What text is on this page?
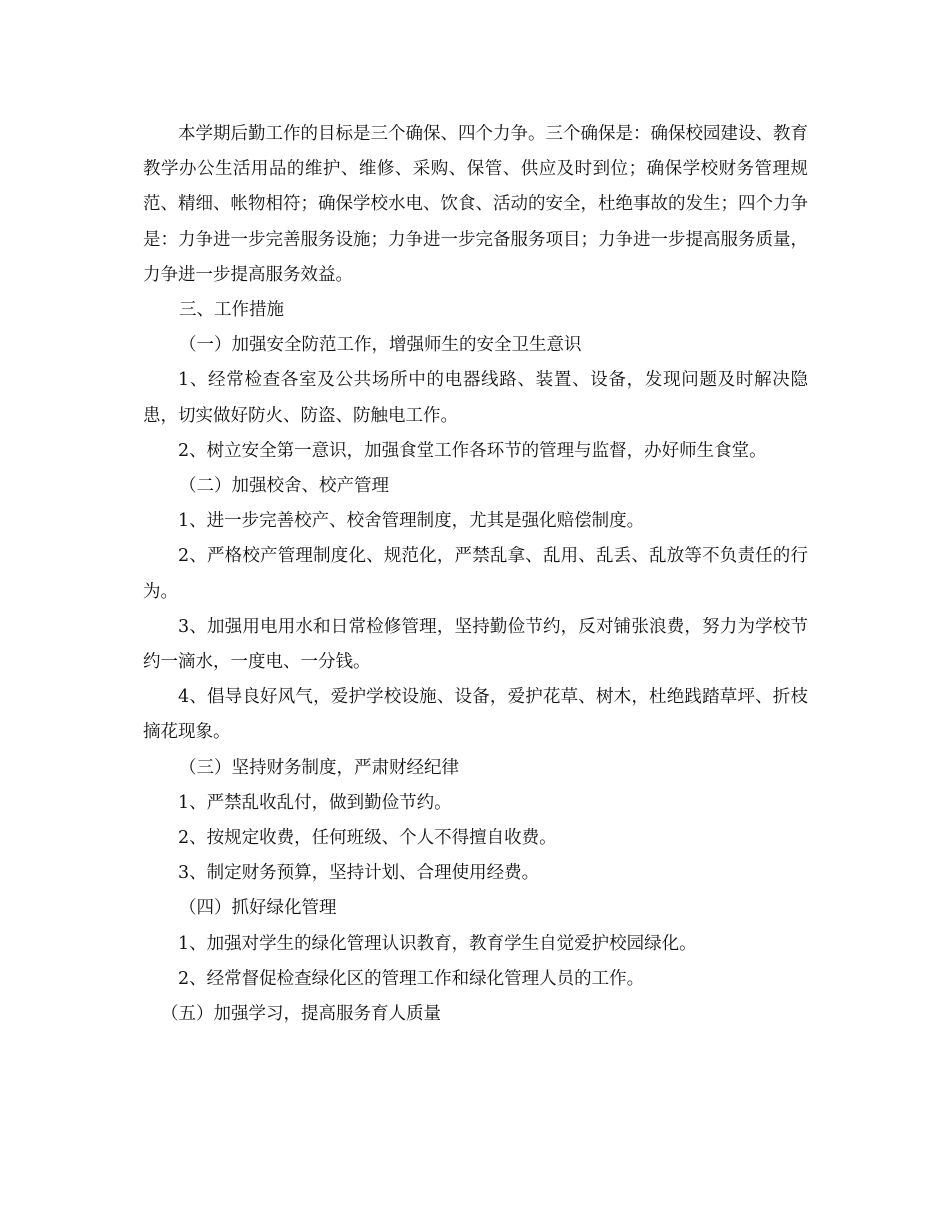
本学期后勤工作的目标是三个确保、四个力争。三个确保是：确保校园建设、教育教学办公生活用品的维护、维修、采购、保管、供应及时到位；确保学校财务管理规范、精细、帐物相符；确保学校水电、饮食、活动的安全，杜绝事故的发生；四个力争是：力争进一步完善服务设施；力争进一步完备服务项目；力争进一步提高服务质量，力争进一步提高服务效益。

三、工作措施

（一）加强安全防范工作，增强师生的安全卫生意识

1、经常检查各室及公共场所中的电器线路、装置、设备，发现问题及时解决隐患，切实做好防火、防盗、防触电工作。

2、树立安全第一意识，加强食堂工作各环节的管理与监督，办好师生食堂。

（二）加强校舍、校产管理

1、进一步完善校产、校舍管理制度，尤其是强化赔偿制度。

2、严格校产管理制度化、规范化，严禁乱拿、乱用、乱丢、乱放等不负责任的行为。

3、加强用电用水和日常检修管理，坚持勤俭节约，反对铺张浪费，努力为学校节约一滴水，一度电、一分钱。

4、倡导良好风气，爱护学校设施、设备，爱护花草、树木，杜绝践踏草坪、折枝摘花现象。

（三）坚持财务制度，严肃财经纪律

1、严禁乱收乱付，做到勤俭节约。

2、按规定收费，任何班级、个人不得擅自收费。

3、制定财务预算，坚持计划、合理使用经费。

（四）抓好绿化管理

1、加强对学生的绿化管理认识教育，教育学生自觉爱护校园绿化。

2、经常督促检查绿化区的管理工作和绿化管理人员的工作。

（五）加强学习，提高服务育人质量
